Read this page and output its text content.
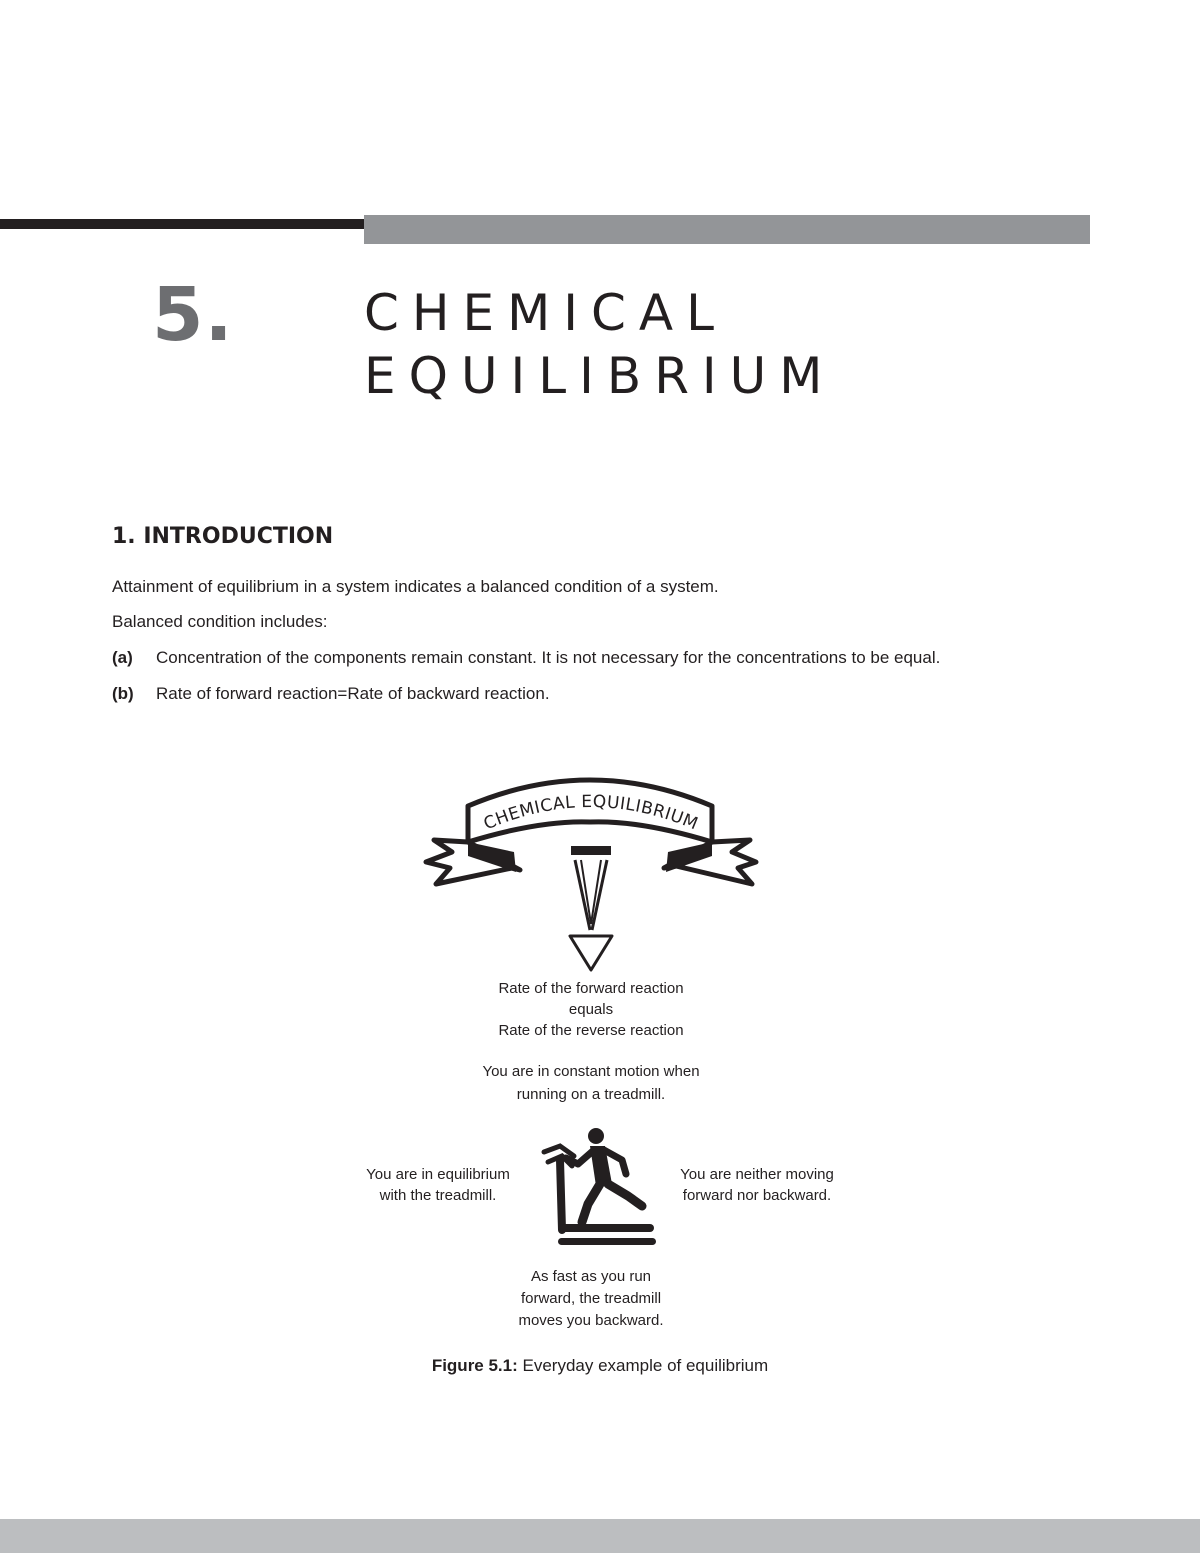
5.	CHEMICAL
EQUILIBRIUM
1. INTRODUCTION
Attainment of equilibrium in a system indicates a balanced condition of a system.
Balanced condition includes:
(a) Concentration of the components remain constant. It is not necessary for the concentrations to be equal.
(b) Rate of forward reaction=Rate of backward reaction.
CHEMICAL EQUILIBRIUM
Rate of the forward reaction
equals
Rate of the reverse reaction
You are in constant motion when
running on a treadmill.
You are in equilibrium
with the treadmill.
You are neither moving
forward nor backward.
As fast as you run
forward, the treadmill
moves you backward.
Figure 5.1: Everyday example of equilibrium
